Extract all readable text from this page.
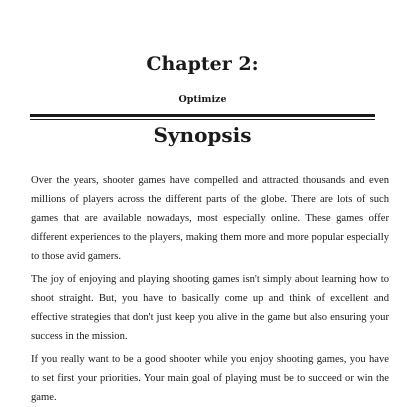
Chapter 2:
Optimize
Synopsis

Over the years, shooter games have compelled and attracted thousands and even millions of players across the different parts of the globe. There are lots of such games that are available nowadays, most especially online. These games offer different experiences to the players, making them more and more popular especially to those avid gamers.

The joy of enjoying and playing shooting games isn't simply about learning how to shoot straight. But, you have to basically come up and think of excellent and effective strategies that don't just keep you alive in the game but also ensuring your success in the mission.

If you really want to be a good shooter while you enjoy shooting games, you have to set first your priorities. Your main goal of playing must be to succeed or win the game.
